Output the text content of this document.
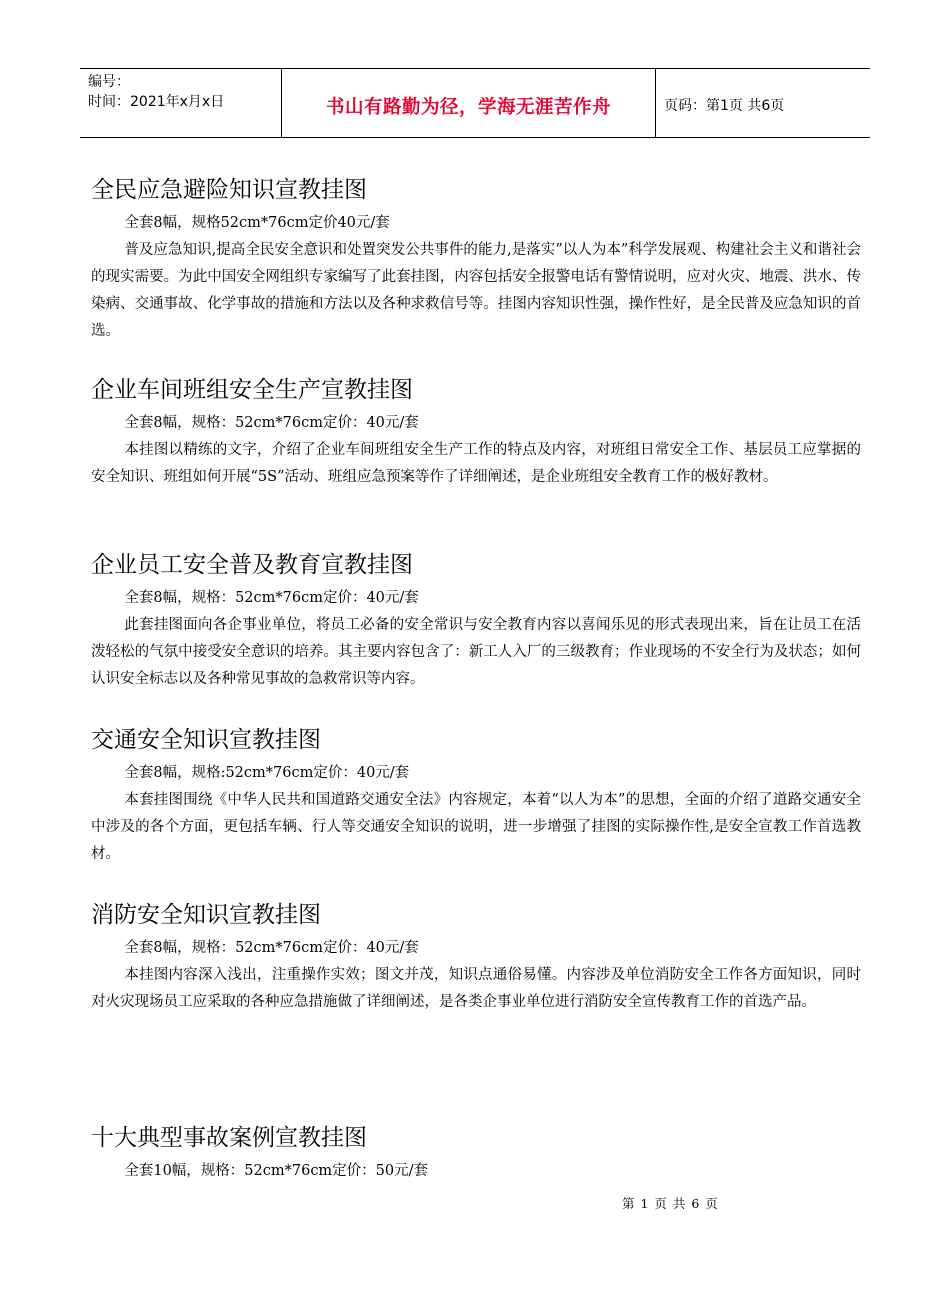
编号：
时间：2021年x月x日	书山有路勤为径，学海无涯苦作舟	页码：第1页 共6页
全民应急避险知识宣教挂图

全套8幅，规格52cm*76cm定价40元/套

普及应急知识,提高全民安全意识和处置突发公共事件的能力,是落实”以人为本”科学发展观、构建社会主义和谐社会的现实需要。为此中国安全网组织专家编写了此套挂图，内容包括安全报警电话有警情说明，应对火灾、地震、洪水、传染病、交通事故、化学事故的措施和方法以及各种求救信号等。挂图内容知识性强，操作性好，是全民普及应急知识的首选。

企业车间班组安全生产宣教挂图

全套8幅，规格：52cm*76cm定价：40元/套

本挂图以精练的文字，介绍了企业车间班组安全生产工作的特点及内容，对班组日常安全工作、基层员工应掌据的安全知识、班组如何开展“5S”活动、班组应急预案等作了详细阐述，是企业班组安全教育工作的极好教材。

企业员工安全普及教育宣教挂图

全套8幅，规格：52cm*76cm定价：40元/套

此套挂图面向各企事业单位，将员工必备的安全常识与安全教育内容以喜闻乐见的形式表现出来，旨在让员工在活泼轻松的气氛中接受安全意识的培养。其主要内容包含了：新工人入厂的三级教育；作业现场的不安全行为及状态；如何认识安全标志以及各种常见事故的急救常识等内容。

交通安全知识宣教挂图

全套8幅，规格:52cm*76cm定价：40元/套

本套挂图围绕《中华人民共和国道路交通安全法》内容规定，本着“以人为本”的思想，全面的介绍了道路交通安全中涉及的各个方面，更包括车辆、行人等交通安全知识的说明，进一步增强了挂图的实际操作性,是安全宣教工作首选教材。

消防安全知识宣教挂图

全套8幅，规格：52cm*76cm定价：40元/套

本挂图内容深入浅出，注重操作实效；图文并茂，知识点通俗易懂。内容涉及单位消防安全工作各方面知识，同时对火灾现场员工应采取的各种应急措施做了详细阐述，是各类企事业单位进行消防安全宣传教育工作的首选产品。

十大典型事故案例宣教挂图

全套10幅，规格：52cm*76cm定价：50元/套

第 1 页 共 6 页
